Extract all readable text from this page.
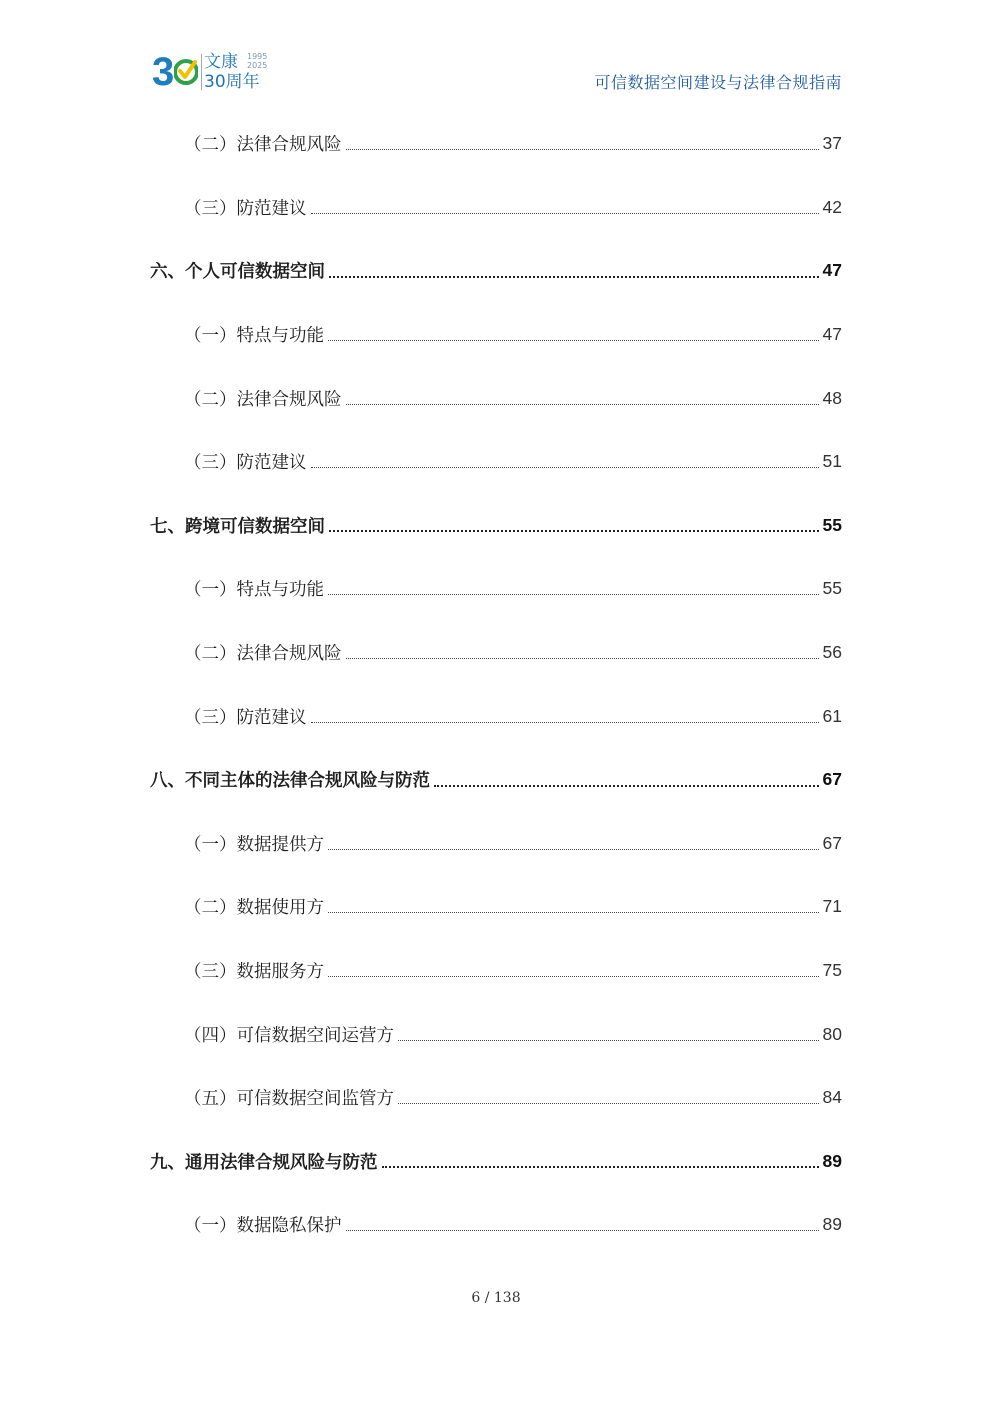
3	文康
30周年
1995 2025
可信数据空间建设与法律合规指南
（二）法律合规风险	37
（三）防范建议	42
六、个人可信数据空间	47
（一）特点与功能	47
（二）法律合规风险	48
（三）防范建议	51
七、跨境可信数据空间	55
（一）特点与功能	55
（二）法律合规风险	56
（三）防范建议	61
八、不同主体的法律合规风险与防范	67
（一）数据提供方	67
（二）数据使用方	71
（三）数据服务方	75
（四）可信数据空间运营方	80
（五）可信数据空间监管方	84
九、通用法律合规风险与防范	89
（一）数据隐私保护	89
6 / 138
